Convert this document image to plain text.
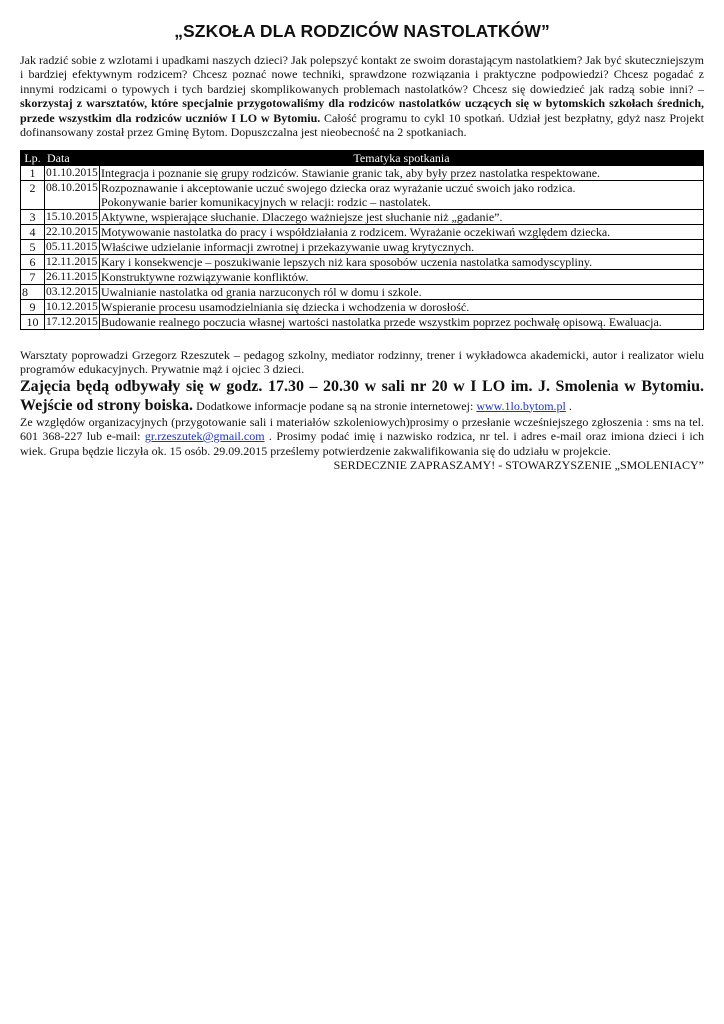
„SZKOŁA DLA RODZICÓW NASTOLATKÓW”

Jak radzić sobie z wzlotami i upadkami naszych dzieci? Jak polepszyć kontakt ze swoim dorastającym nastolatkiem? Jak być skuteczniejszym i bardziej efektywnym rodzicem? Chcesz poznać nowe techniki, sprawdzone rozwiązania i praktyczne podpowiedzi? Chcesz pogadać z innymi rodzicami o typowych i tych bardziej skomplikowanych problemach nastolatków? Chcesz się dowiedzieć jak radzą sobie inni? – skorzystaj z warsztatów, które specjalnie przygotowaliśmy dla rodziców nastolatków uczących się w bytomskich szkołach średnich, przede wszystkim dla rodziców uczniów I LO w Bytomiu. Całość programu to cykl 10 spotkań. Udział jest bezpłatny, gdyż nasz Projekt dofinansowany został przez Gminę Bytom. Dopuszczalna jest nieobecność na 2 spotkaniach.

Lp.	Data	Tematyka spotkania
1	01.10.2015	Integracja i poznanie się grupy rodziców. Stawianie granic tak, aby były przez nastolatka respektowane.
2	08.10.2015	Rozpoznawanie i akceptowanie uczuć swojego dziecka oraz wyrażanie uczuć swoich jako rodzica.
Pokonywanie barier komunikacyjnych w relacji: rodzic – nastolatek.

3	15.10.2015	Aktywne, wspierające słuchanie. Dlaczego ważniejsze jest słuchanie niż „gadanie”.
4	22.10.2015	Motywowanie nastolatka do pracy i współdziałania z rodzicem. Wyrażanie oczekiwań względem dziecka.
5	05.11.2015	Właściwe udzielanie informacji zwrotnej i przekazywanie uwag krytycznych.
6	12.11.2015	Kary i konsekwencje – poszukiwanie lepszych niż kara sposobów uczenia nastolatka samodyscypliny.
7	26.11.2015	Konstruktywne rozwiązywanie konfliktów.
8	03.12.2015	Uwalnianie nastolatka od grania narzuconych ról w domu i szkole.
9	10.12.2015	Wspieranie procesu usamodzielniania się dziecka i wchodzenia w dorosłość.
10	17.12.2015	Budowanie realnego poczucia własnej wartości nastolatka przede wszystkim poprzez pochwałę opisową. Ewaluacja.
Warsztaty poprowadzi Grzegorz Rzeszutek – pedagog szkolny, mediator rodzinny, trener i wykładowca akademicki, autor i realizator wielu programów edukacyjnych. Prywatnie mąż i ojciec 3 dzieci.
Zajęcia będą odbywały się w godz. 17.30 – 20.30 w sali nr 20 w I LO im. J. Smolenia w Bytomiu. Wejście od strony boiska. Dodatkowe informacje podane są na stronie internetowej: www.1lo.bytom.pl .
Ze względów organizacyjnych (przygotowanie sali i materiałów szkoleniowych)prosimy o przesłanie wcześniejszego zgłoszenia : sms na tel. 601 368-227 lub e-mail: gr.rzeszutek@gmail.com . Prosimy podać imię i nazwisko rodzica, nr tel. i adres e-mail oraz imiona dzieci i ich wiek. Grupa będzie liczyła ok. 15 osób. 29.09.2015 prześlemy potwierdzenie zakwalifikowania się do udziału w projekcie.
SERDECZNIE ZAPRASZAMY! - STOWARZYSZENIE „SMOLENIACY”
